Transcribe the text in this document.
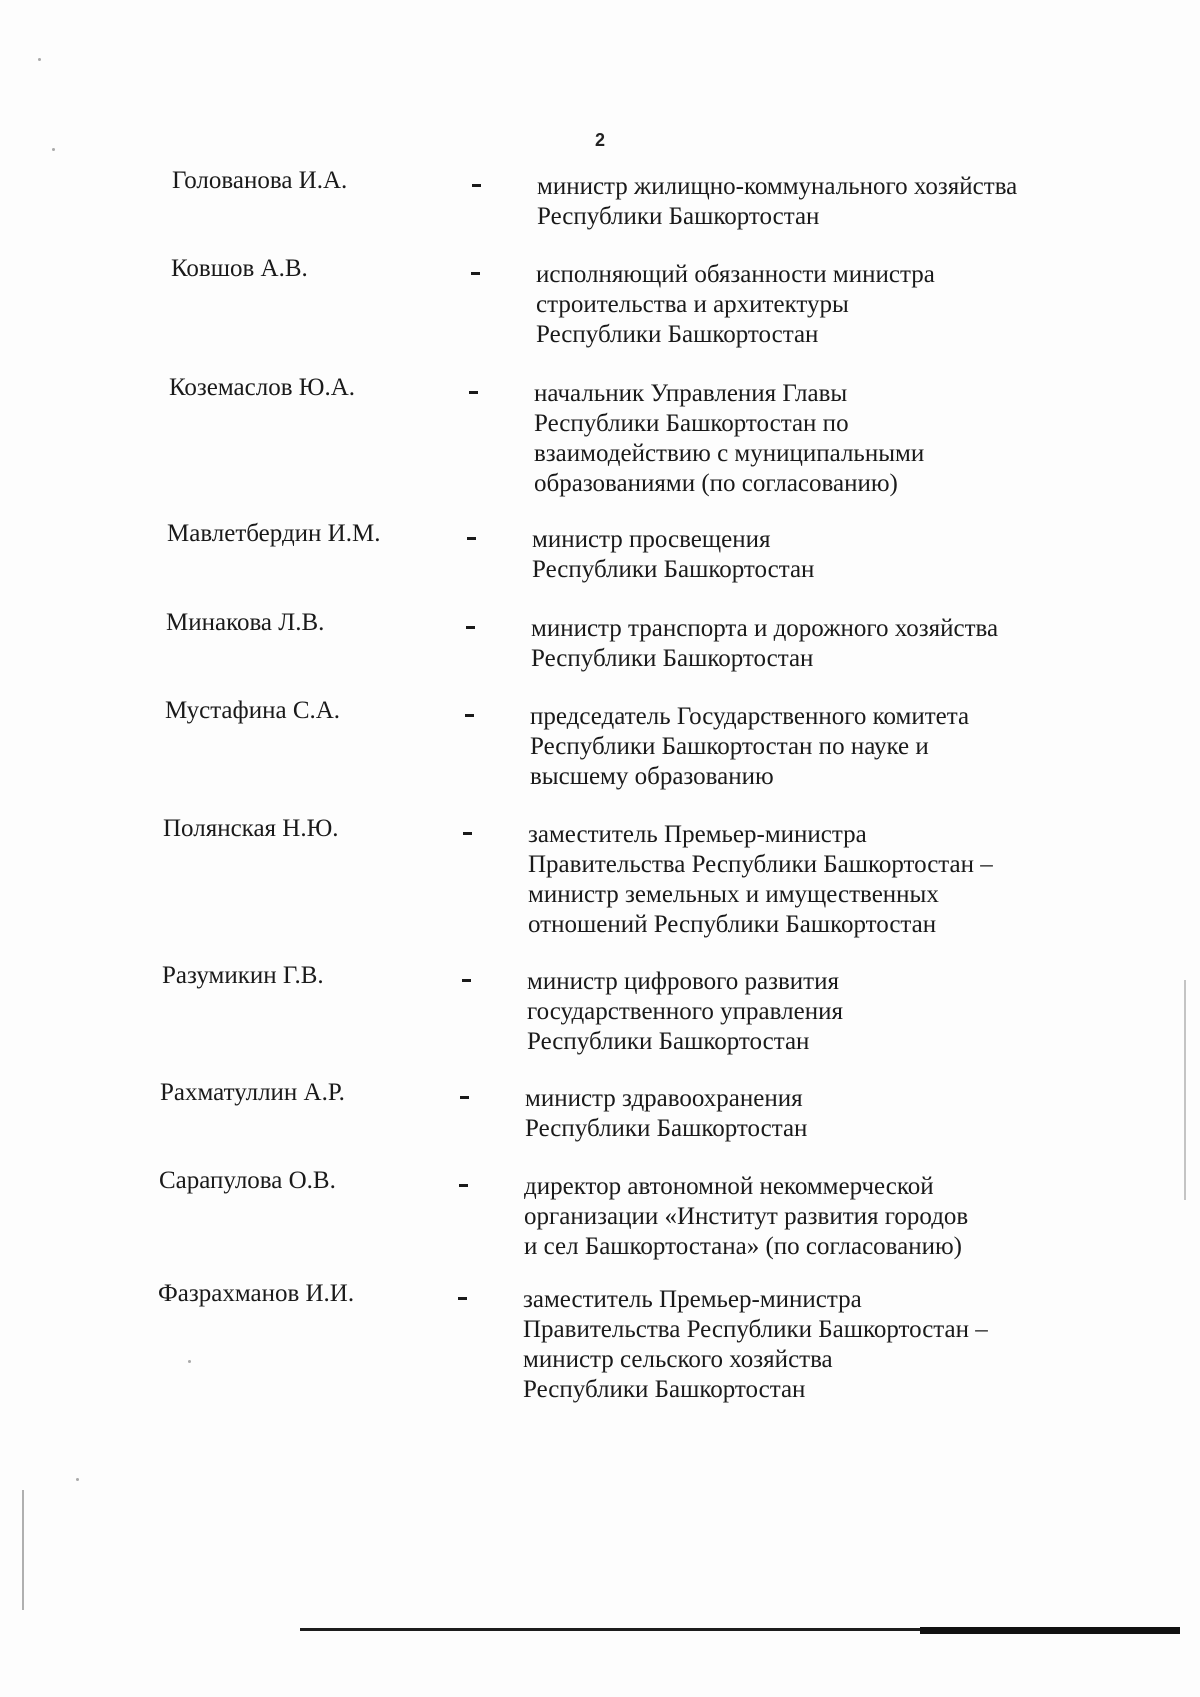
2
Голованова И.А.	министр жилищно-коммунального хозяйства
Республики Башкортостан
Ковшов А.В.	исполняющий обязанности министра
строительства и архитектуры
Республики Башкортостан
Коземаслов Ю.А.	начальник Управления Главы
Республики Башкортостан по
взаимодействию с муниципальными
образованиями (по согласованию)
Мавлетбердин И.М.	министр просвещения
Республики Башкортостан
Минакова Л.В.	министр транспорта и дорожного хозяйства
Республики Башкортостан
Мустафина С.А.	председатель Государственного комитета
Республики Башкортостан по науке и
высшему образованию
Полянская Н.Ю.	заместитель Премьер-министра
Правительства Республики Башкортостан –
министр земельных и имущественных
отношений Республики Башкортостан
Разумикин Г.В.	министр цифрового развития
государственного управления
Республики Башкортостан
Рахматуллин А.Р.	министр здравоохранения
Республики Башкортостан
Сарапулова О.В.	директор автономной некоммерческой
организации «Институт развития городов
и сел Башкортостана» (по согласованию)
Фазрахманов И.И.	заместитель Премьер-министра
Правительства Республики Башкортостан –
министр сельского хозяйства
Республики Башкортостан
